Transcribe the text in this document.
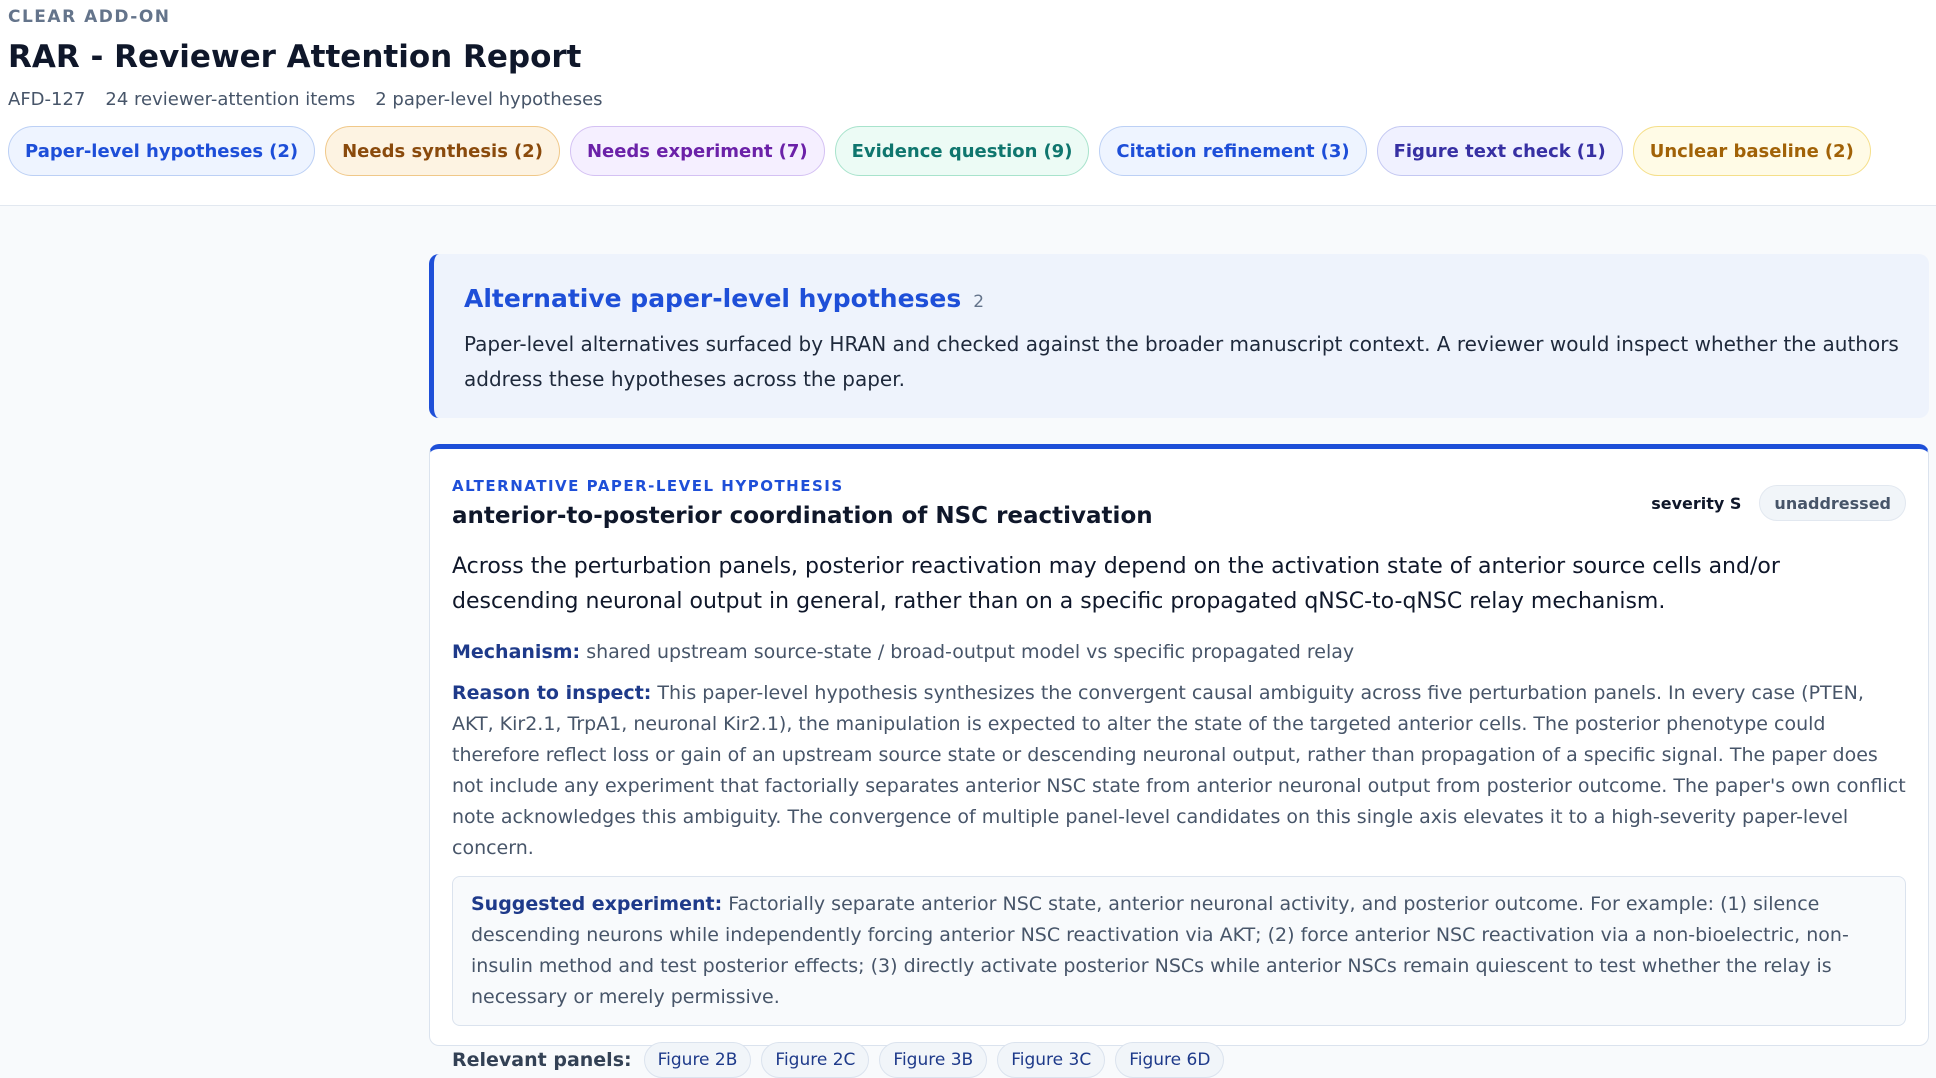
CLEAR ADD-ON
RAR - Reviewer Attention Report
AFD-127 24 reviewer-attention items 2 paper-level hypotheses
Paper-level hypotheses (2) Needs synthesis (2) Needs experiment (7) Evidence question (9) Citation refinement (3) Figure text check (1) Unclear baseline (2)
Alternative paper-level hypotheses 2

Paper-level alternatives surfaced by HRAN and checked against the broader manuscript context. A reviewer would inspect whether the authors address these hypotheses across the paper.

ALTERNATIVE PAPER-LEVEL HYPOTHESIS
anterior-to-posterior coordination of NSC reactivation	severity S	unaddressed

Across the perturbation panels, posterior reactivation may depend on the activation state of anterior source cells and/or descending neuronal output in general, rather than on a specific propagated qNSC-to-qNSC relay mechanism.

Mechanism: shared upstream source-state / broad-output model vs specific propagated relay

Reason to inspect: This paper-level hypothesis synthesizes the convergent causal ambiguity across five perturbation panels. In every case (PTEN, AKT, Kir2.1, TrpA1, neuronal Kir2.1), the manipulation is expected to alter the state of the targeted anterior cells. The posterior phenotype could therefore reflect loss or gain of an upstream source state or descending neuronal output, rather than propagation of a specific signal. The paper does not include any experiment that factorially separates anterior NSC state from anterior neuronal output from posterior outcome. The paper's own conflict note acknowledges this ambiguity. The convergence of multiple panel-level candidates on this single axis elevates it to a high-severity paper-level concern.

Suggested experiment: Factorially separate anterior NSC state, anterior neuronal activity, and posterior outcome. For example: (1) silence descending neurons while independently forcing anterior NSC reactivation via AKT; (2) force anterior NSC reactivation via a non-bioelectric, non-insulin method and test posterior effects; (3) directly activate posterior NSCs while anterior NSCs remain quiescent to test whether the relay is necessary or merely permissive.
Relevant panels:	Figure 2B	Figure 2C	Figure 3B	Figure 3C	Figure 6D
